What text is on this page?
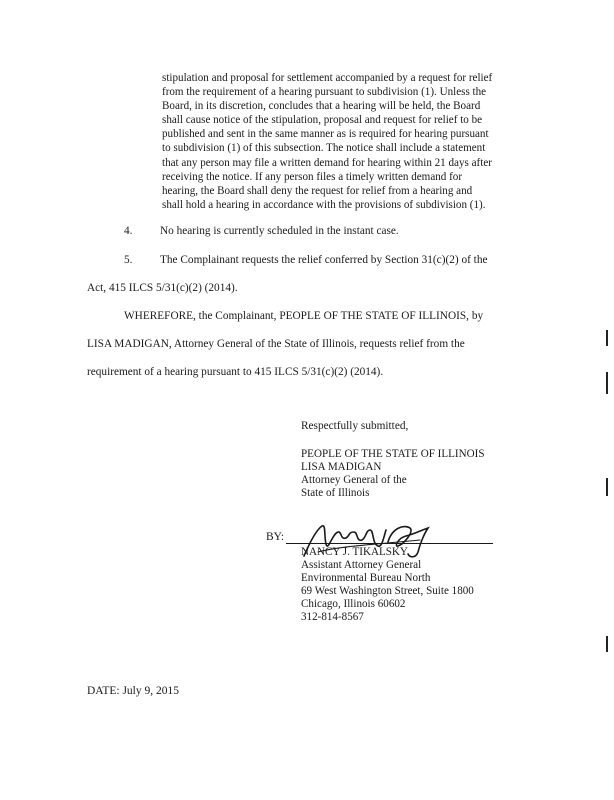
stipulation and proposal for settlement accompanied by a request for relief
from the requirement of a hearing pursuant to subdivision (1). Unless the
Board, in its discretion, concludes that a hearing will be held, the Board
shall cause notice of the stipulation, proposal and request for relief to be
published and sent in the same manner as is required for hearing pursuant
to subdivision (1) of this subsection. The notice shall include a statement
that any person may file a written demand for hearing within 21 days after
receiving the notice. If any person files a timely written demand for
hearing, the Board shall deny the request for relief from a hearing and
shall hold a hearing in accordance with the provisions of subdivision (1).
4. No hearing is currently scheduled in the instant case.
5. The Complainant requests the relief conferred by Section 31(c)(2) of the
Act, 415 ILCS 5/31(c)(2) (2014).
WHEREFORE, the Complainant, PEOPLE OF THE STATE OF ILLINOIS, by
LISA MADIGAN, Attorney General of the State of Illinois, requests relief from the
requirement of a hearing pursuant to 415 ILCS 5/31(c)(2) (2014).
Respectfully submitted,
PEOPLE OF THE STATE OF ILLINOIS
LISA MADIGAN
Attorney General of the
State of Illinois
BY:
NANCY J. TIKALSKY
Assistant Attorney General
Environmental Bureau North
69 West Washington Street, Suite 1800
Chicago, Illinois 60602
312-814-8567
DATE: July 9, 2015
